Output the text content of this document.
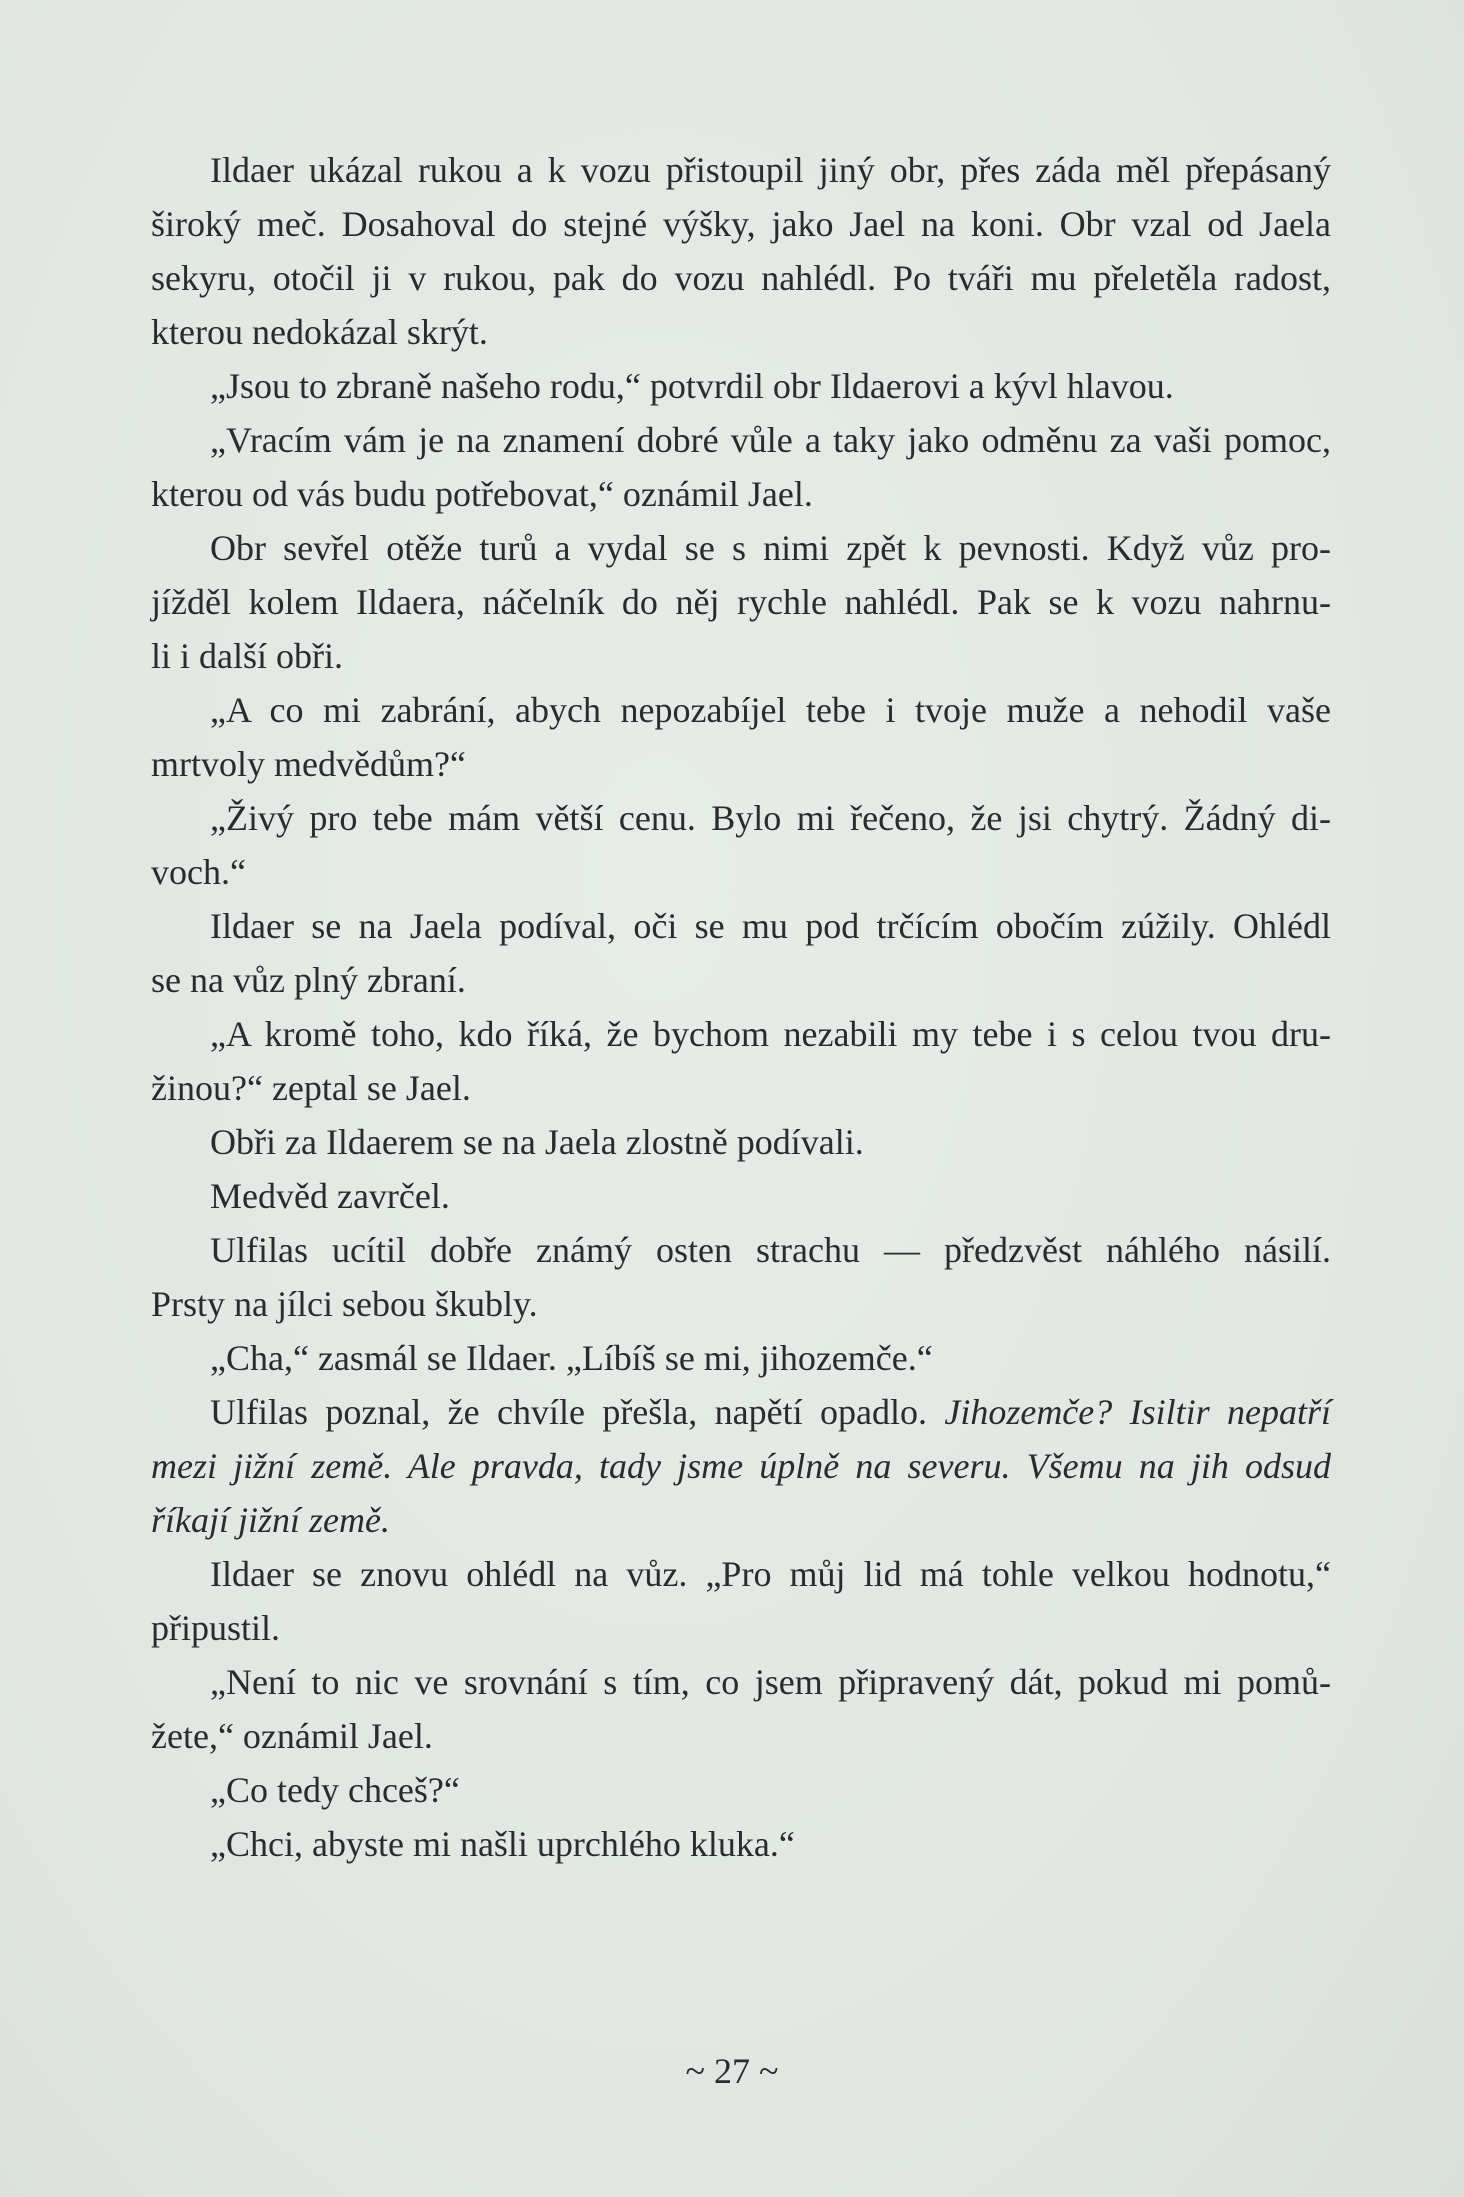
Ildaer ukázal rukou a k vozu přistoupil jiný obr, přes záda měl přepásaný
široký meč. Dosahoval do stejné výšky, jako Jael na koni. Obr vzal od Jaela
sekyru, otočil ji v rukou, pak do vozu nahlédl. Po tváři mu přeletěla radost,
kterou nedokázal skrýt.
„Jsou to zbraně našeho rodu,“ potvrdil obr Ildaerovi a kývl hlavou.
„Vracím vám je na znamení dobré vůle a taky jako odměnu za vaši pomoc,
kterou od vás budu potřebovat,“ oznámil Jael.
Obr sevřel otěže turů a vydal se s nimi zpět k pevnosti. Když vůz pro-
jížděl kolem Ildaera, náčelník do něj rychle nahlédl. Pak se k vozu nahrnu-
li i další obři.
„A co mi zabrání, abych nepozabíjel tebe i tvoje muže a nehodil vaše
mrtvoly medvědům?“
„Živý pro tebe mám větší cenu. Bylo mi řečeno, že jsi chytrý. Žádný di-
voch.“
Ildaer se na Jaela podíval, oči se mu pod trčícím obočím zúžily. Ohlédl
se na vůz plný zbraní.
„A kromě toho, kdo říká, že bychom nezabili my tebe i s celou tvou dru-
žinou?“ zeptal se Jael.
Obři za Ildaerem se na Jaela zlostně podívali.
Medvěd zavrčel.
Ulfilas ucítil dobře známý osten strachu — předzvěst náhlého násilí.
Prsty na jílci sebou škubly.
„Cha,“ zasmál se Ildaer. „Líbíš se mi, jihozemče.“
Ulfilas poznal, že chvíle přešla, napětí opadlo. Jihozemče? Isiltir nepatří
mezi jižní země. Ale pravda, tady jsme úplně na severu. Všemu na jih odsud
říkají jižní země.
Ildaer se znovu ohlédl na vůz. „Pro můj lid má tohle velkou hodnotu,“
připustil.
„Není to nic ve srovnání s tím, co jsem připravený dát, pokud mi pomů-
žete,“ oznámil Jael.
„Co tedy chceš?“
„Chci, abyste mi našli uprchlého kluka.“
~ 27 ~
